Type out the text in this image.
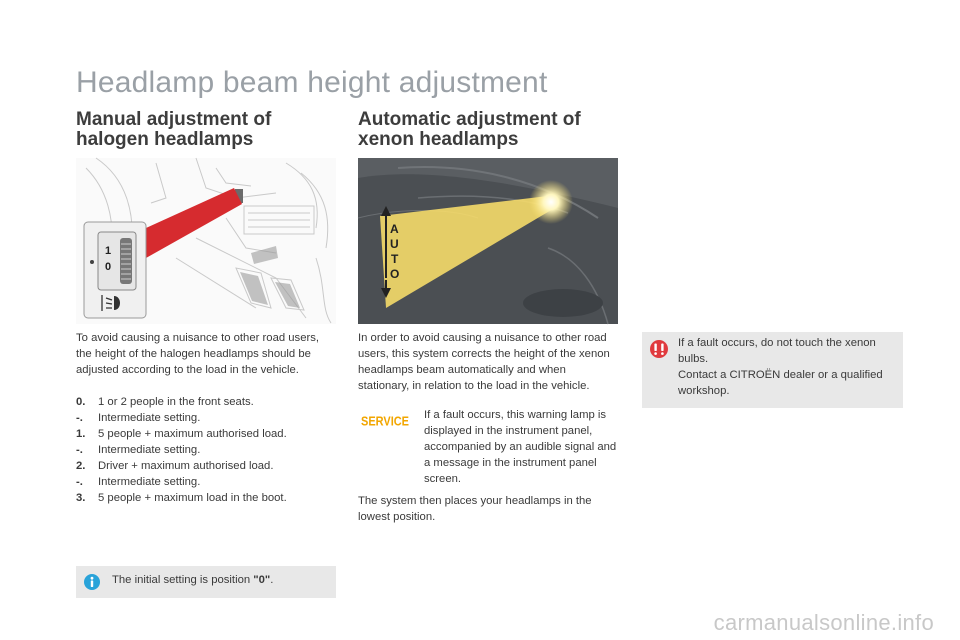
Headlamp beam height adjustment
Manual adjustment of
halogen headlamps
Automatic adjustment of
xenon headlamps
1
0
A
U
T
O

To avoid causing a nuisance to other road users, the height of the halogen headlamps should be adjusted according to the load in the vehicle.

0.	1 or 2 people in the front seats.
-.	Intermediate setting.
1.	5 people + maximum authorised load.
-.	Intermediate setting.
2.	Driver + maximum authorised load.
-.	Intermediate setting.
3.	5 people + maximum load in the boot.

In order to avoid causing a nuisance to other road users, this system corrects the height of the xenon headlamps beam automatically and when stationary, in relation to the load in the vehicle.

SERVICE If a fault occurs, this warning lamp is displayed in the instrument panel, accompanied by an audible signal and a message in the instrument panel screen.

The system then places your headlamps in the lowest position.

The initial setting is position "0".
If a fault occurs, do not touch the xenon bulbs.
Contact a CITROËN dealer or a qualified workshop.
carmanualsonline.info
